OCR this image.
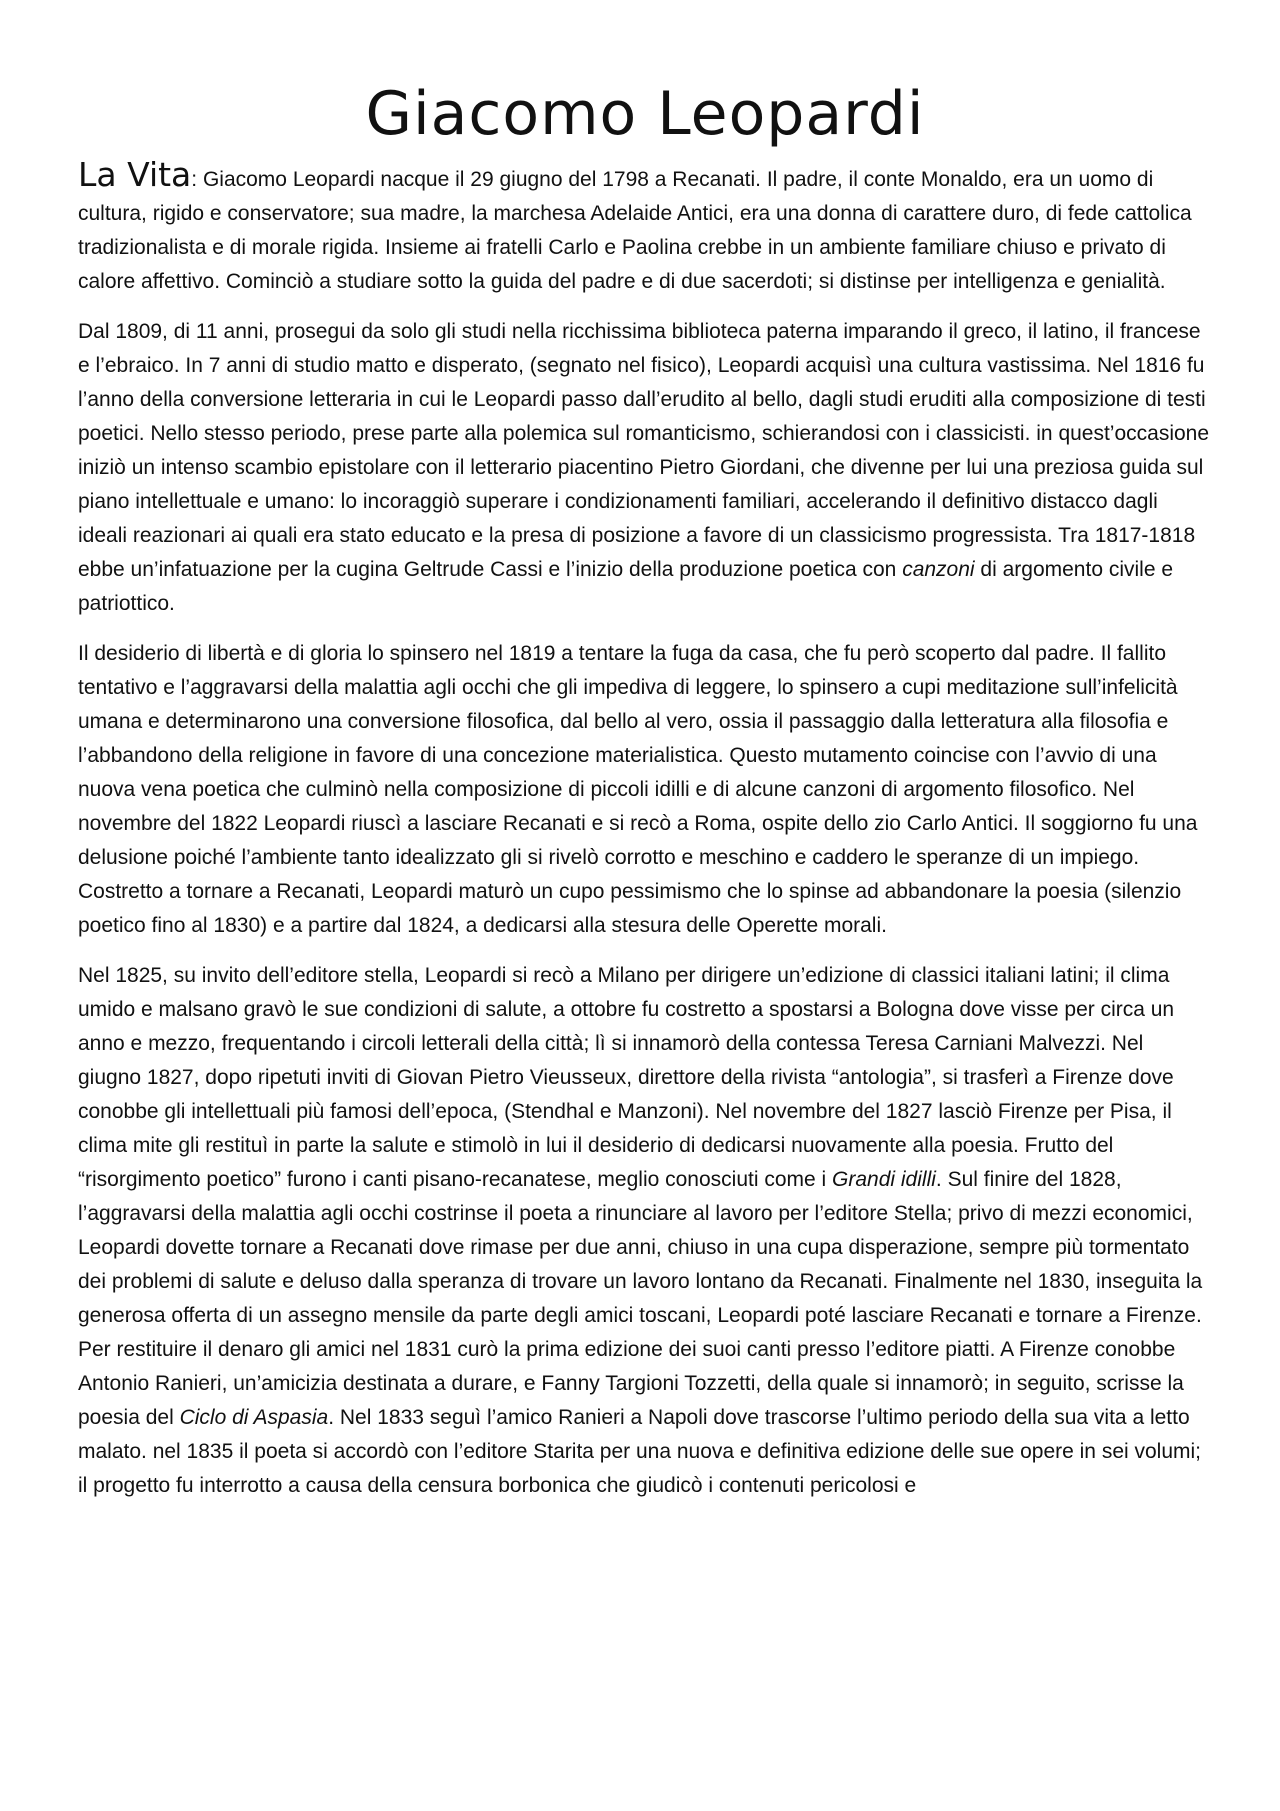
Giacomo Leopardi

La Vita: Giacomo Leopardi nacque il 29 giugno del 1798 a Recanati. Il padre, il conte Monaldo, era un uomo di cultura, rigido e conservatore; sua madre, la marchesa Adelaide Antici, era una donna di carattere duro, di fede cattolica tradizionalista e di morale rigida. Insieme ai fratelli Carlo e Paolina crebbe in un ambiente familiare chiuso e privato di calore affettivo. Cominciò a studiare sotto la guida del padre e di due sacerdoti; si distinse per intelligenza e genialità.

Dal 1809, di 11 anni, prosegui da solo gli studi nella ricchissima biblioteca paterna imparando il greco, il latino, il francese e l’ebraico. In 7 anni di studio matto e disperato, (segnato nel fisico), Leopardi acquisì una cultura vastissima. Nel 1816 fu l’anno della conversione letteraria in cui le Leopardi passo dall’erudito al bello, dagli studi eruditi alla composizione di testi poetici. Nello stesso periodo, prese parte alla polemica sul romanticismo, schierandosi con i classicisti. in quest’occasione iniziò un intenso scambio epistolare con il letterario piacentino Pietro Giordani, che divenne per lui una preziosa guida sul piano intellettuale e umano: lo incoraggiò superare i condizionamenti familiari, accelerando il definitivo distacco dagli ideali reazionari ai quali era stato educato e la presa di posizione a favore di un classicismo progressista. Tra 1817-1818 ebbe un’infatuazione per la cugina Geltrude Cassi e l’inizio della produzione poetica con canzoni di argomento civile e patriottico.

Il desiderio di libertà e di gloria lo spinsero nel 1819 a tentare la fuga da casa, che fu però scoperto dal padre. Il fallito tentativo e l’aggravarsi della malattia agli occhi che gli impediva di leggere, lo spinsero a cupi meditazione sull’infelicità umana e determinarono una conversione filosofica, dal bello al vero, ossia il passaggio dalla letteratura alla filosofia e l’abbandono della religione in favore di una concezione materialistica. Questo mutamento coincise con l’avvio di una nuova vena poetica che culminò nella composizione di piccoli idilli e di alcune canzoni di argomento filosofico. Nel novembre del 1822 Leopardi riuscì a lasciare Recanati e si recò a Roma, ospite dello zio Carlo Antici. Il soggiorno fu una delusione poiché l’ambiente tanto idealizzato gli si rivelò corrotto e meschino e caddero le speranze di un impiego. Costretto a tornare a Recanati, Leopardi maturò un cupo pessimismo che lo spinse ad abbandonare la poesia (silenzio poetico fino al 1830) e a partire dal 1824, a dedicarsi alla stesura delle Operette morali.

Nel 1825, su invito dell’editore stella, Leopardi si recò a Milano per dirigere un’edizione di classici italiani latini; il clima umido e malsano gravò le sue condizioni di salute, a ottobre fu costretto a spostarsi a Bologna dove visse per circa un anno e mezzo, frequentando i circoli letterali della città; lì si innamorò della contessa Teresa Carniani Malvezzi. Nel giugno 1827, dopo ripetuti inviti di Giovan Pietro Vieusseux, direttore della rivista “antologia”, si trasferì a Firenze dove conobbe gli intellettuali più famosi dell’epoca, (Stendhal e Manzoni). Nel novembre del 1827 lasciò Firenze per Pisa, il clima mite gli restituì in parte la salute e stimolò in lui il desiderio di dedicarsi nuovamente alla poesia. Frutto del “risorgimento poetico” furono i canti pisano-recanatese, meglio conosciuti come i Grandi idilli. Sul finire del 1828, l’aggravarsi della malattia agli occhi costrinse il poeta a rinunciare al lavoro per l’editore Stella; privo di mezzi economici, Leopardi dovette tornare a Recanati dove rimase per due anni, chiuso in una cupa disperazione, sempre più tormentato dei problemi di salute e deluso dalla speranza di trovare un lavoro lontano da Recanati. Finalmente nel 1830, inseguita la generosa offerta di un assegno mensile da parte degli amici toscani, Leopardi poté lasciare Recanati e tornare a Firenze. Per restituire il denaro gli amici nel 1831 curò la prima edizione dei suoi canti presso l’editore piatti. A Firenze conobbe Antonio Ranieri, un’amicizia destinata a durare, e Fanny Targioni Tozzetti, della quale si innamorò; in seguito, scrisse la poesia del Ciclo di Aspasia. Nel 1833 seguì l’amico Ranieri a Napoli dove trascorse l’ultimo periodo della sua vita a letto malato. nel 1835 il poeta si accordò con l’editore Starita per una nuova e definitiva edizione delle sue opere in sei volumi; il progetto fu interrotto a causa della censura borbonica che giudicò i contenuti pericolosi e
